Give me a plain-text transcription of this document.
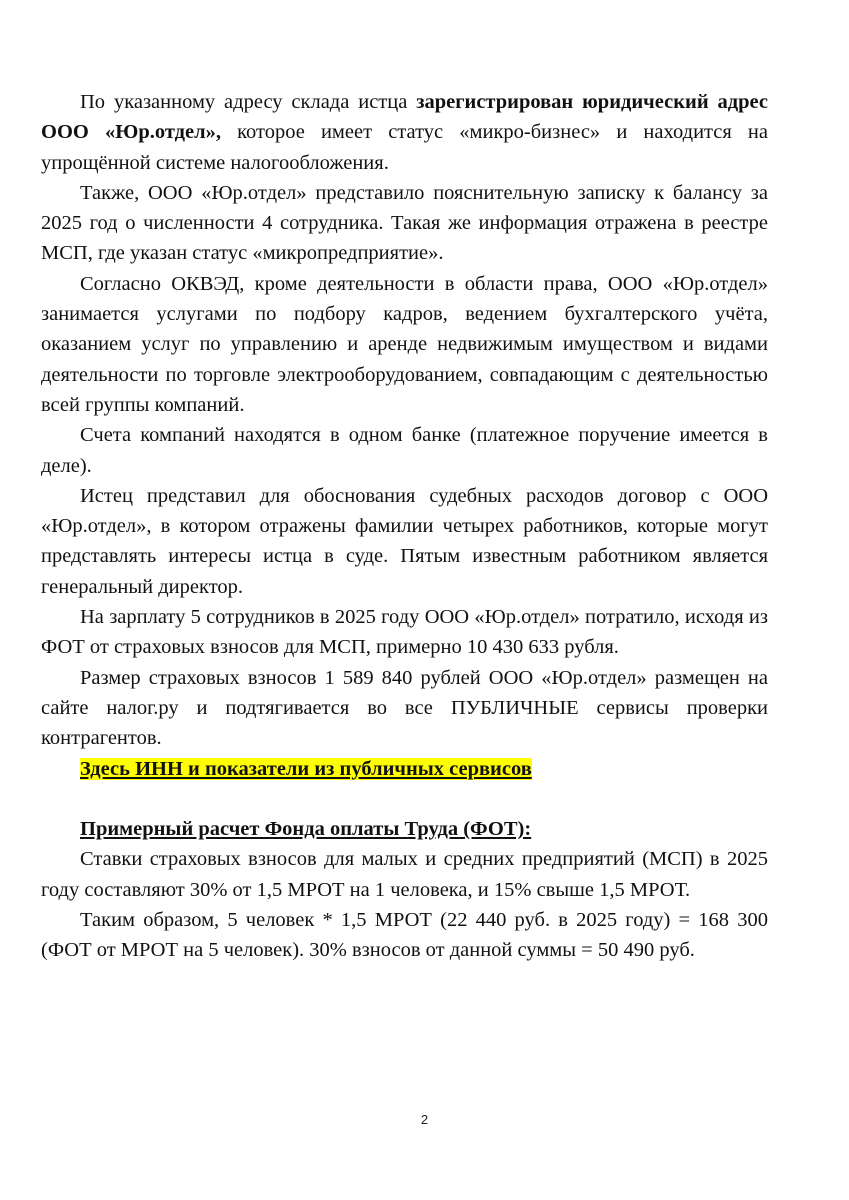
По указанному адресу склада истца зарегистрирован юридический адрес ООО «Юр.отдел», которое имеет статус «микро-бизнес» и находится на упрощённой системе налогообложения.

Также, ООО «Юр.отдел» представило пояснительную записку к балансу за 2025 год о численности 4 сотрудника. Такая же информация отражена в реестре МСП, где указан статус «микропредприятие».

Согласно ОКВЭД, кроме деятельности в области права, ООО «Юр.отдел» занимается услугами по подбору кадров, ведением бухгалтерского учёта, оказанием услуг по управлению и аренде недвижимым имуществом и видами деятельности по торговле электрооборудованием, совпадающим с деятельностью всей группы компаний.

Счета компаний находятся в одном банке (платежное поручение имеется в деле).

Истец представил для обоснования судебных расходов договор с ООО «Юр.отдел», в котором отражены фамилии четырех работников, которые могут представлять интересы истца в суде. Пятым известным работником является генеральный директор.

На зарплату 5 сотрудников в 2025 году ООО «Юр.отдел» потратило, исходя из ФОТ от страховых взносов для МСП, примерно 10 430 633 рубля.

Размер страховых взносов 1 589 840 рублей ООО «Юр.отдел» размещен на сайте налог.ру и подтягивается во все ПУБЛИЧНЫЕ сервисы проверки контрагентов.

Здесь ИНН и показатели из публичных сервисов

Примерный расчет Фонда оплаты Труда (ФОТ):

Ставки страховых взносов для малых и средних предприятий (МСП) в 2025 году составляют 30% от 1,5 МРОТ на 1 человека, и 15% свыше 1,5 МРОТ.

Таким образом, 5 человек * 1,5 МРОТ (22 440 руб. в 2025 году) = 168 300 (ФОТ от МРОТ на 5 человек). 30% взносов от данной суммы = 50 490 руб.

2
